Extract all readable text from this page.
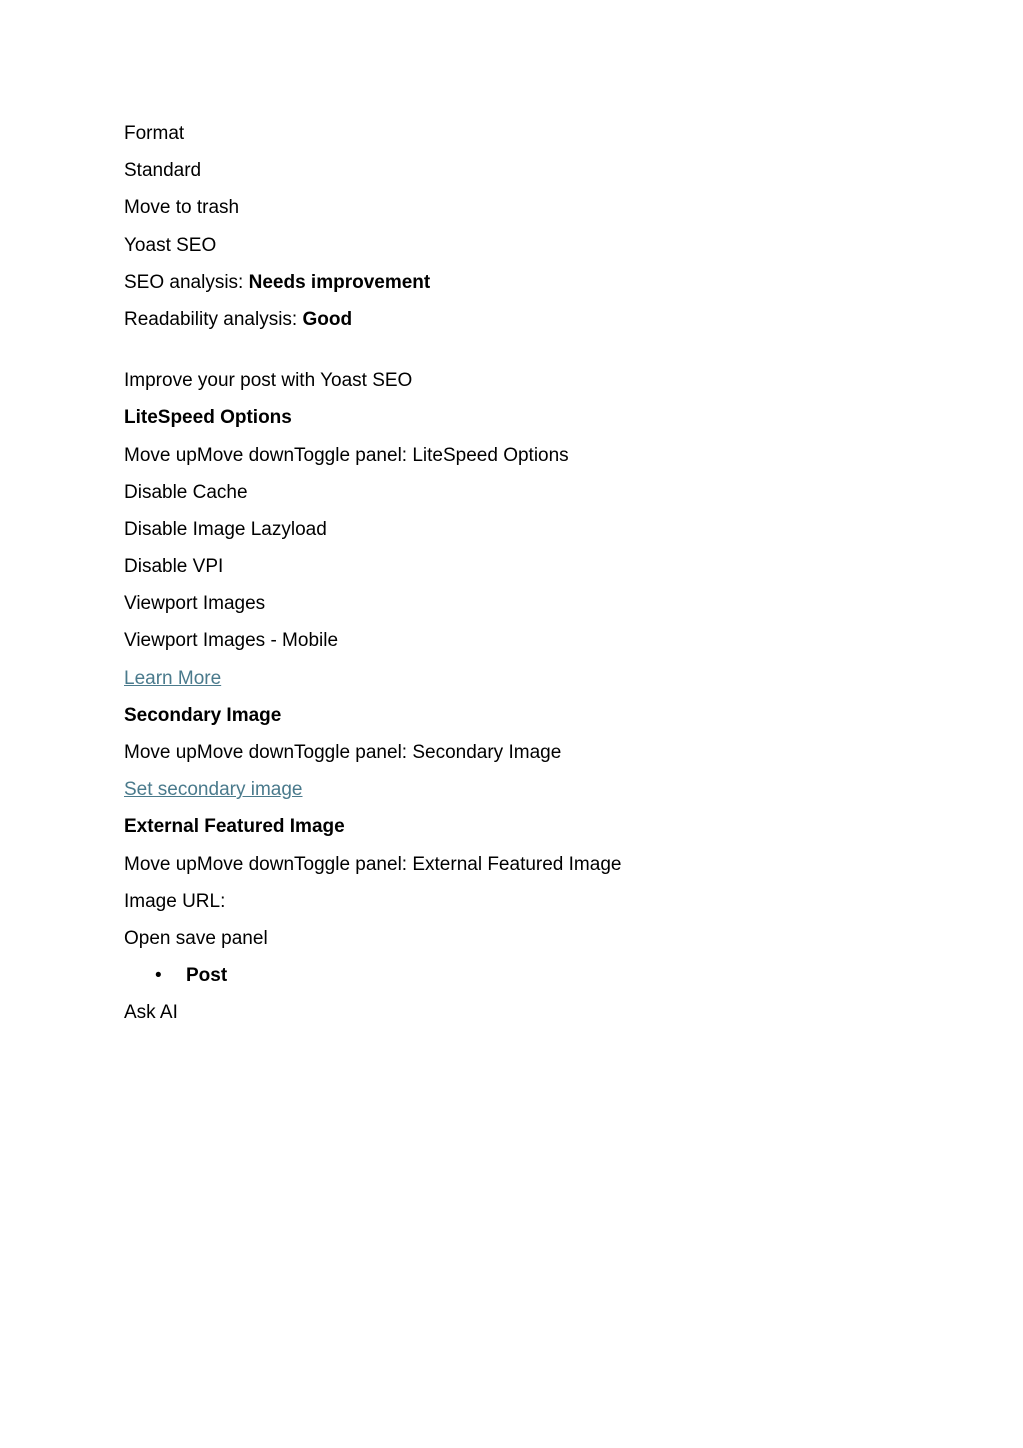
Format
Standard
Move to trash
Yoast SEO
SEO analysis: Needs improvement
Readability analysis: Good
Improve your post with Yoast SEO
LiteSpeed Options
Move upMove downToggle panel: LiteSpeed Options
Disable Cache
Disable Image Lazyload
Disable VPI
Viewport Images
Viewport Images - Mobile
Learn More
Secondary Image
Move upMove downToggle panel: Secondary Image
Set secondary image
External Featured Image
Move upMove downToggle panel: External Featured Image
Image URL:
Open save panel
• Post
Ask AI
